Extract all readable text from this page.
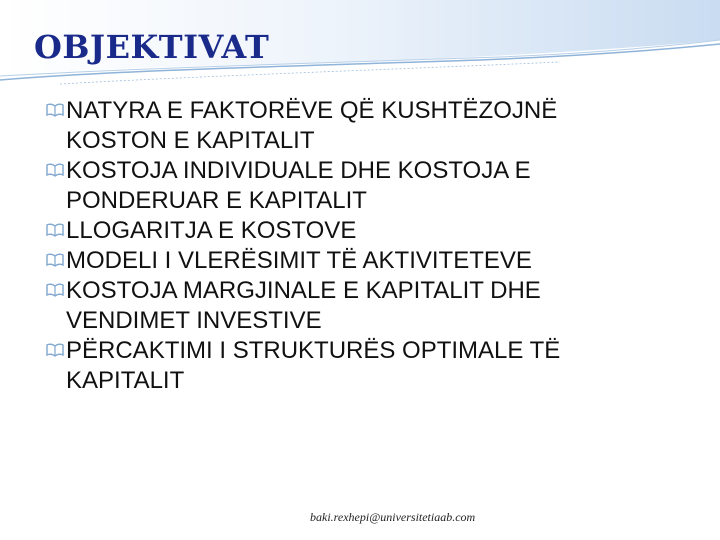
OBJEKTIVAT
NATYRA E FAKTORËVE QË KUSHTËZOJNË
KOSTON E KAPITALIT
KOSTOJA INDIVIDUALE DHE KOSTOJA E
PONDERUAR E KAPITALIT
LLOGARITJA E KOSTOVE
MODELI I VLERËSIMIT TË AKTIVITETEVE
KOSTOJA MARGJINALE E KAPITALIT DHE
VENDIMET INVESTIVE
PËRCAKTIMI I STRUKTURËS OPTIMALE TË
KAPITALIT
baki.rexhepi@universitetiaab.com
